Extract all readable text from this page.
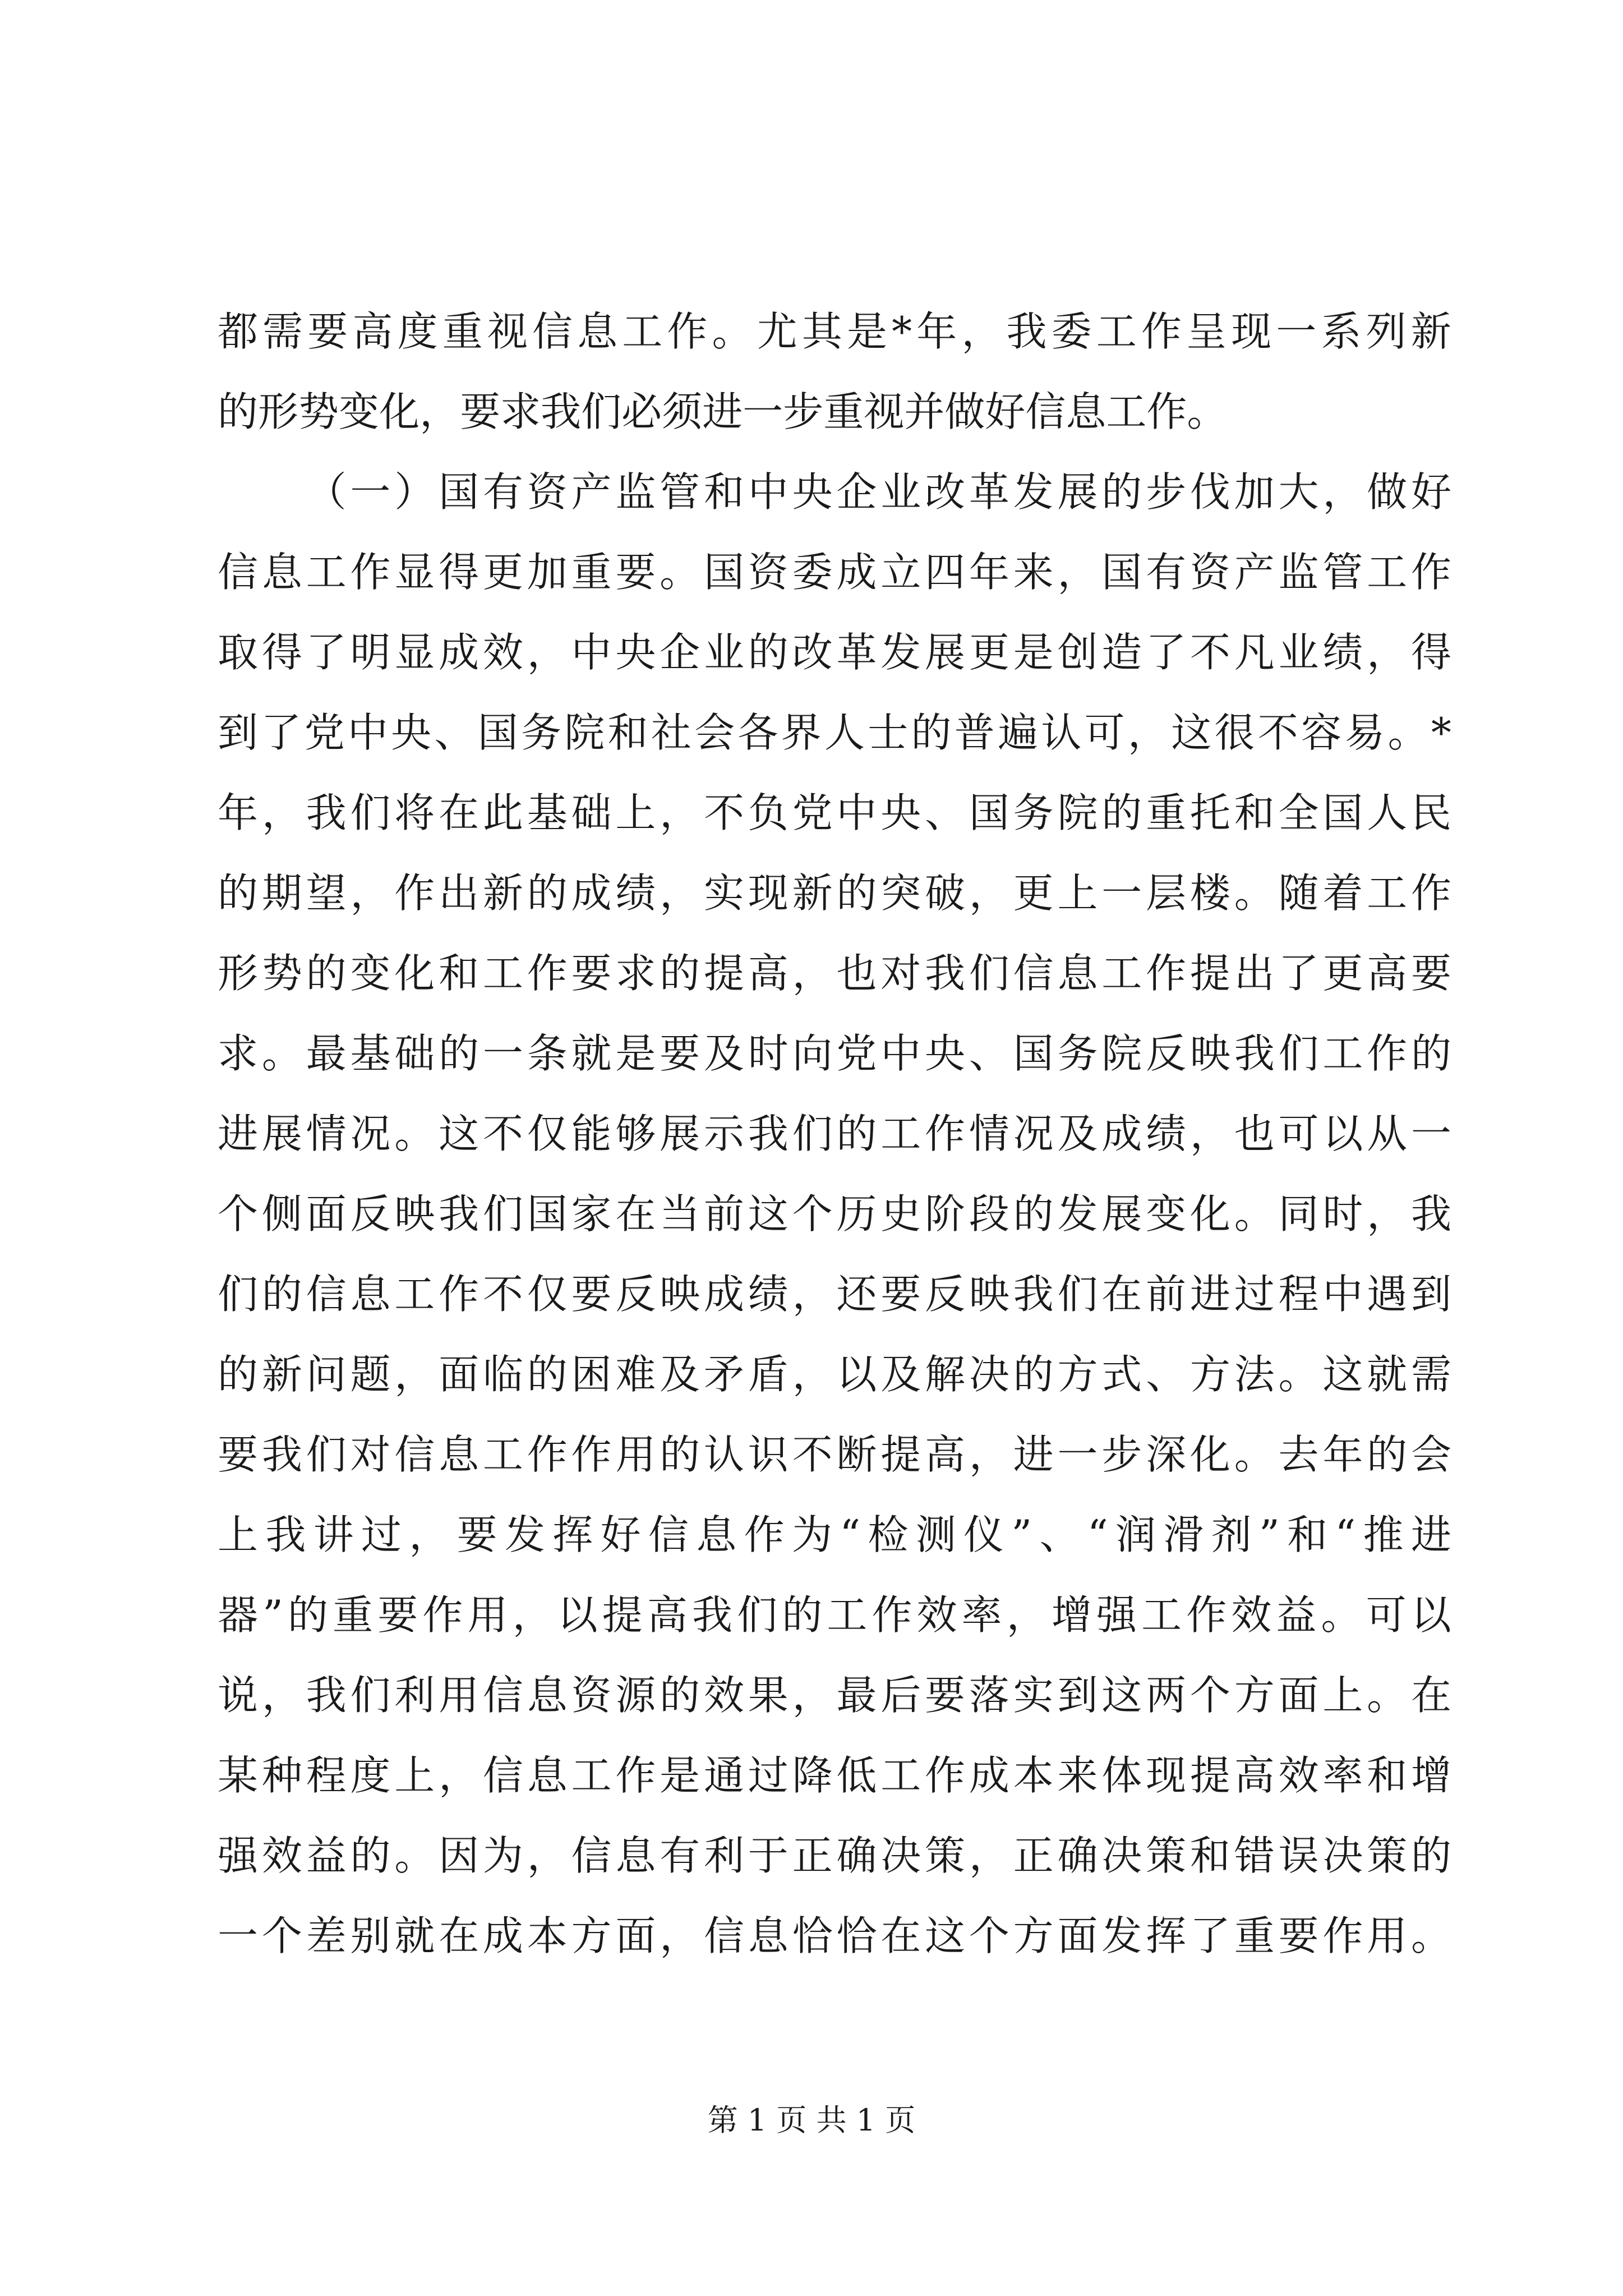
都 需 要 高 度 重 视 信 息 工 作 。 尤 其 是 * 年 ， 我 委 工 作 呈 现 一 系 列 新
的 形 势 变 化 ， 要 求 我 们 必 须 进 一 步 重 视 并 做 好 信 息 工 作 。

（ 一 ） 国 有 资 产 监 管 和 中 央 企 业 改 革 发 展 的 步 伐 加 大 ， 做 好
信 息 工 作 显 得 更 加 重 要 。 国 资 委 成 立 四 年 来 ， 国 有 资 产 监 管 工 作
取 得 了 明 显 成 效 ， 中 央 企 业 的 改 革 发 展 更 是 创 造 了 不 凡 业 绩 ， 得
到 了 党 中 央 、 国 务 院 和 社 会 各 界 人 士 的 普 遍 认 可 ， 这 很 不 容 易 。 *
年 ， 我 们 将 在 此 基 础 上 ， 不 负 党 中 央 、 国 务 院 的 重 托 和 全 国 人 民
的 期 望 ， 作 出 新 的 成 绩 ， 实 现 新 的 突 破 ， 更 上 一 层 楼 。 随 着 工 作
形 势 的 变 化 和 工 作 要 求 的 提 高 ， 也 对 我 们 信 息 工 作 提 出 了 更 高 要
求 。 最 基 础 的 一 条 就 是 要 及 时 向 党 中 央 、 国 务 院 反 映 我 们 工 作 的
进 展 情 况 。 这 不 仅 能 够 展 示 我 们 的 工 作 情 况 及 成 绩 ， 也 可 以 从 一
个 侧 面 反 映 我 们 国 家 在 当 前 这 个 历 史 阶 段 的 发 展 变 化 。 同 时 ， 我
们 的 信 息 工 作 不 仅 要 反 映 成 绩 ， 还 要 反 映 我 们 在 前 进 过 程 中 遇 到
的 新 问 题 ， 面 临 的 困 难 及 矛 盾 ， 以 及 解 决 的 方 式 、 方 法 。 这 就 需
要 我 们 对 信 息 工 作 作 用 的 认 识 不 断 提 高 ， 进 一 步 深 化 。 去 年 的 会
上 我 讲 过 ， 要 发 挥 好 信 息 作 为 “ 检 测 仪 ” 、 “ 润 滑 剂 ” 和 “ 推 进
器 ” 的 重 要 作 用 ， 以 提 高 我 们 的 工 作 效 率 ， 增 强 工 作 效 益 。 可 以
说 ， 我 们 利 用 信 息 资 源 的 效 果 ， 最 后 要 落 实 到 这 两 个 方 面 上 。 在
某 种 程 度 上 ， 信 息 工 作 是 通 过 降 低 工 作 成 本 来 体 现 提 高 效 率 和 增
强 效 益 的 。 因 为 ， 信 息 有 利 于 正 确 决 策 ， 正 确 决 策 和 错 误 决 策 的
一 个 差 别 就 在 成 本 方 面 ， 信 息 恰 恰 在 这 个 方 面 发 挥 了 重 要 作 用 。
第 1 页 共 1 页
